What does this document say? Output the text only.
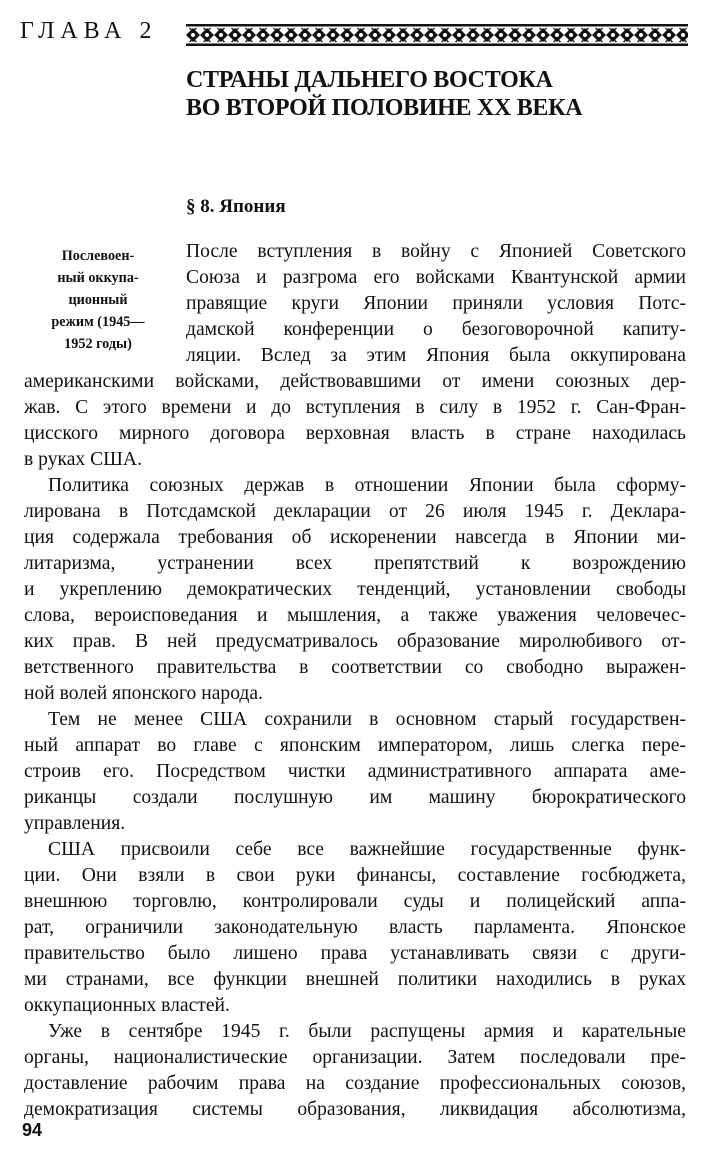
ГЛАВА 2
СТРАНЫ ДАЛЬНЕГО ВОСТОКА
ВО ВТОРОЙ ПОЛОВИНЕ XX ВЕКА
§ 8. Япония
Послевоен-
ный оккупа-
ционный
режим (1945—
1952 годы)
После вступления в войну с Японией Советского
Союза и разгрома его войсками Квантунской армии
правящие круги Японии приняли условия Потс-
дамской конференции о безоговорочной капиту-
ляции. Вслед за этим Япония была оккупирована
американскими войсками, действовавшими от имени союзных дер-
жав. С этого времени и до вступления в силу в 1952 г. Сан-Фран-
цисского мирного договора верховная власть в стране находилась
в руках США.
Политика союзных держав в отношении Японии была сформу-
лирована в Потсдамской декларации от 26 июля 1945 г. Деклара-
ция содержала требования об искоренении навсегда в Японии ми-
литаризма, устранении всех препятствий к возрождению
и укреплению демократических тенденций, установлении свободы
слова, вероисповедания и мышления, а также уважения человечес-
ких прав. В ней предусматривалось образование миролюбивого от-
ветственного правительства в соответствии со свободно выражен-
ной волей японского народа.
Тем не менее США сохранили в основном старый государствен-
ный аппарат во главе с японским императором, лишь слегка пере-
строив его. Посредством чистки административного аппарата аме-
риканцы создали послушную им машину бюрократического
управления.
США присвоили себе все важнейшие государственные функ-
ции. Они взяли в свои руки финансы, составление госбюджета,
внешнюю торговлю, контролировали суды и полицейский аппа-
рат, ограничили законодательную власть парламента. Японское
правительство было лишено права устанавливать связи с други-
ми странами, все функции внешней политики находились в руках
оккупационных властей.
Уже в сентябре 1945 г. были распущены армия и карательные
органы, националистические организации. Затем последовали пре-
доставление рабочим права на создание профессиональных союзов,
демократизация системы образования, ликвидация абсолютизма,
94
